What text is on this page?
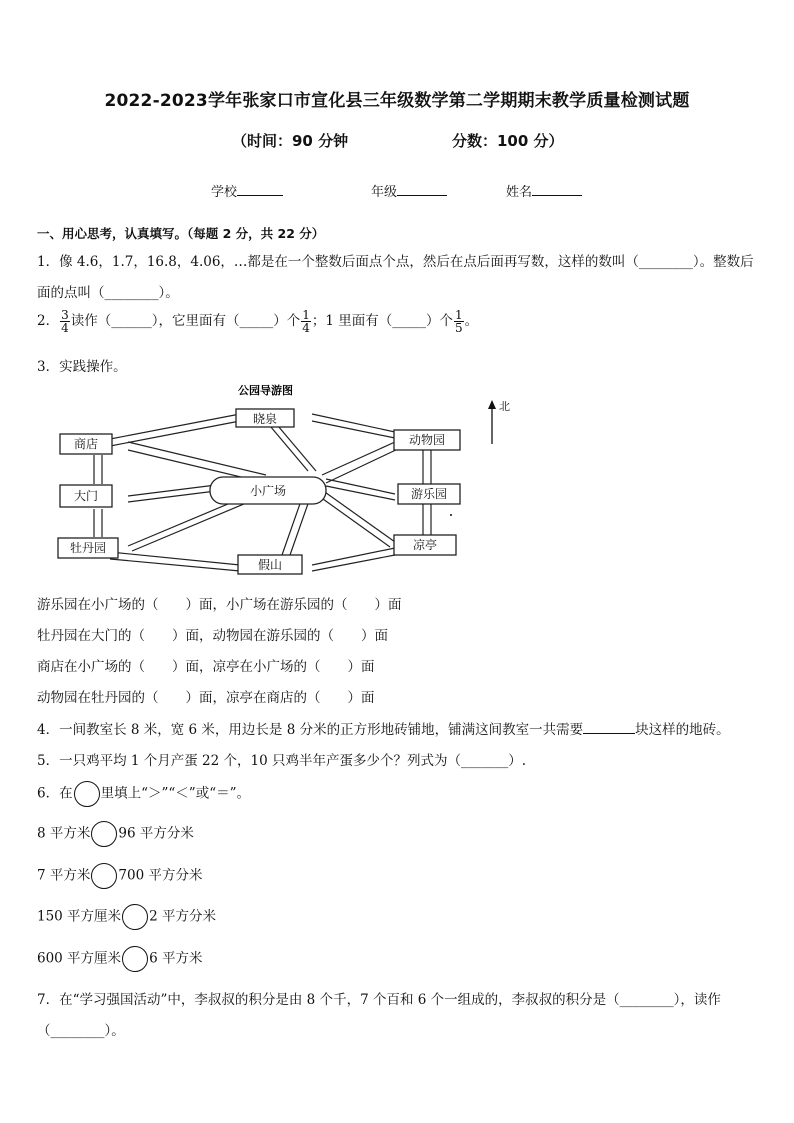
2022-2023学年张家口市宣化县三年级数学第二学期期末教学质量检测试题
（时间：90 分钟	分数：100 分）
学校	年级	姓名
一、用心思考，认真填写。（每题 2 分，共 22 分）
1．像 4.6，1.7，16.8，4.06，…都是在一个整数后面点个点，然后在点后面再写数，这样的数叫（________）。整数后
面的点叫（________）。
2． $\frac{3}{4}$ 读作（______），它里面有（_____）个 $\frac{1}{4}$ ；1 里面有（_____）个 $\frac{1}{5}$ 。
3．实践操作。
公园导游图
晓泉
商店	动物园
大门	小广场	游乐园
牡丹园
假山
凉亭
北
游乐园在小广场的（　　）面，小广场在游乐园的（　　）面
牡丹园在大门的（　　）面，动物园在游乐园的（　　）面
商店在小广场的（　　）面，凉亭在小广场的（　　）面
动物园在牡丹园的（　　）面，凉亭在商店的（　　）面
4．一间教室长 8 米，宽 6 米，用边长是 8 分米的正方形地砖铺地，铺满这间教室一共需要	块这样的地砖。
5．一只鸡平均 1 个月产蛋 22 个，10 只鸡半年产蛋多少个？列式为（_______）.
6．在 里填上“＞”“＜”或“＝”。
8 平方米 96 平方分米
7 平方米 700 平方分米
150 平方厘米 2 平方分米
600 平方厘米 6 平方米
7．在“学习强国活动”中，李叔叔的积分是由 8 个千，7 个百和 6 个一组成的，李叔叔的积分是（________），读作
（________）。
